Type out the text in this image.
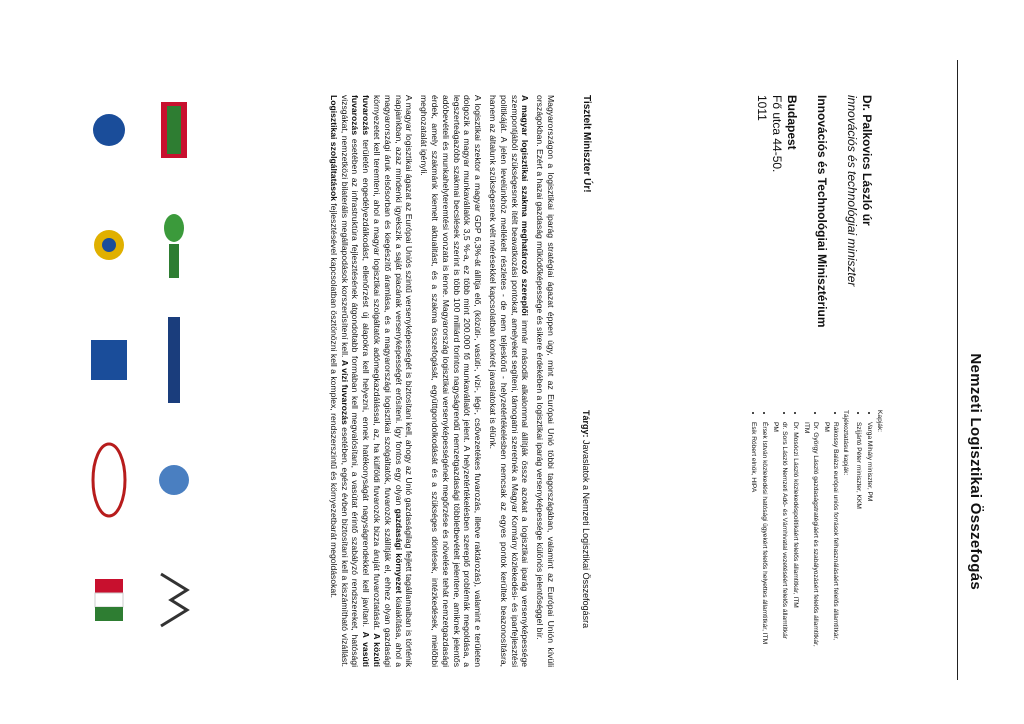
Nemzeti Logisztikai Összefogás
Dr. Palkovics László úr
innovációs és technológiai miniszter
Innovációs és Technológiai Minisztérium
Budapest
Fő utca 44-50.
1011
Kapják:
• Varga Mihály miniszter, PM
• Szijjártó Péter miniszter, KKM
Tájékoztatásul kapják:
• Rákossy Balázs európai uniós források felhasználásáért felelős államtitkár, PM
• Dr. György László gazdaságstratégiáért és szabályozásért felelős államtitkár, ITM
• Dr. Mosóczi László közlekedéspolitikáért felelős államtitkár, ITM
• dr. Sors László Nemzeti Adó- és Vámhivatal vezetéséért felelős államtitkár PM
• Érsek István közlekedési hatósági ügyekért felelős helyettes államtitkár, ITM
• Esik Róbert elnök, HIPA
Tisztelt Miniszter Úr!
Tárgy: Javaslatok a Nemzeti Logisztikai Összefogásra

Magyarországon a logisztikai iparág stratégiai ágazat éppen úgy, mint az Európai Unió többi tagországában, valamint az Európai Unión kívüli országokban. Ezért a hazai gazdaság működőképessége és sikere érdekében a logisztikai iparág versenyképessége különös jelentőséggel bír.

A magyar logisztikai szakma meghatározó szereplői immár második alkalommal állítják össze azokat a logisztikai iparág versenyképessége szempontjából szükségesnek ítélt beavatkozási pontokat, amelyeket segíteni, támogatni szeretnék a Magyar Kormány közlekedési- és iparfejlesztési politikáját. A jelen levelünkhöz mellékelt részletes - de nem teljeskörű - helyzetértékelésben nemcsak az egyes pontok kerültek beazonosításra, hanem az általunk szükségesnek vélt mérésekkel kapcsolatban konkrét javaslatokat is élünk.

A logisztikai szektor a magyar GDP 6,3%-át állítja elő, (közúti-, vasúti-, vízi-, légi-, csővezetékes fuvarozás, illetve raktározás), valamint e területen dolgozik a magyar munkavállalók 3,5 %-a, ez több mint 200.000 fő munkavállalót jelent. A helyzetértékelésben szereplő problémák megoldása, a legszerteágazóbb szakmai becslések szerint is több 100 milliárd forintos nagyságrendű nemzetgazdasági többletbevételt jelentene, amiknek jelentős adóbevételi és munkahelyteremtési vonzata is lenne. Magyarország logisztikai versenyképességének megőrzése és növelése tehát nemzetgazdasági érdek, amely szakmánk kiemelt aktualitást, és a szakma összefogását, együttgondolkodását és a szükséges döntések, intézkedések, mielőbbi meghozatalát igényli.

A magyar logisztikai ágazat az Európai Uniós szintű versenyképességét is biztosítani kell, ahogy az Unió gazdaságilag fejlett tagállamaiban is történik napjainkban, azaz mindenki igyekszik a saját piacának versenyképességét erősíteni. Így fontos egy olyan gazdasági környezet kialakítása, ahol a magyarországi áruk elsősorban és kiegészítő áramlása, és a magyarországi logisztikai szolgáltatók, fuvarozók szállítják el, ehhez olyan gazdasági környezetet kell teremteni, ahol a magyar logisztikai szolgáltatók adómegkazdálással, az, ha külföldi fuvarozók bizza áruját fuvaroztatását. A közúti fuvarozás területén engedélyezdálkodást, ellenőrzést új alapokra kell helyezni, ennek hatékonyságát nagyságrendekkel kell javítani. A vasúti fuvarozás esetében az infrastruktúra fejlesztésének átgondoltabb formában kell megvalósítani, a vasútat érintő szabályzó rendszereket, hatósági vizsgákat, nemzetközi bilaterális megállapodások korszerűsítení kell. A vízi fuvarozás esetében, egész évben biztosítani kell a kiszámítható vízállást. Logisztikai szolgáltatások fejlesztésével kapcsolatban ösztönözni kell a komplex, rendszerszintű és környezetbarát megoldásokat.
